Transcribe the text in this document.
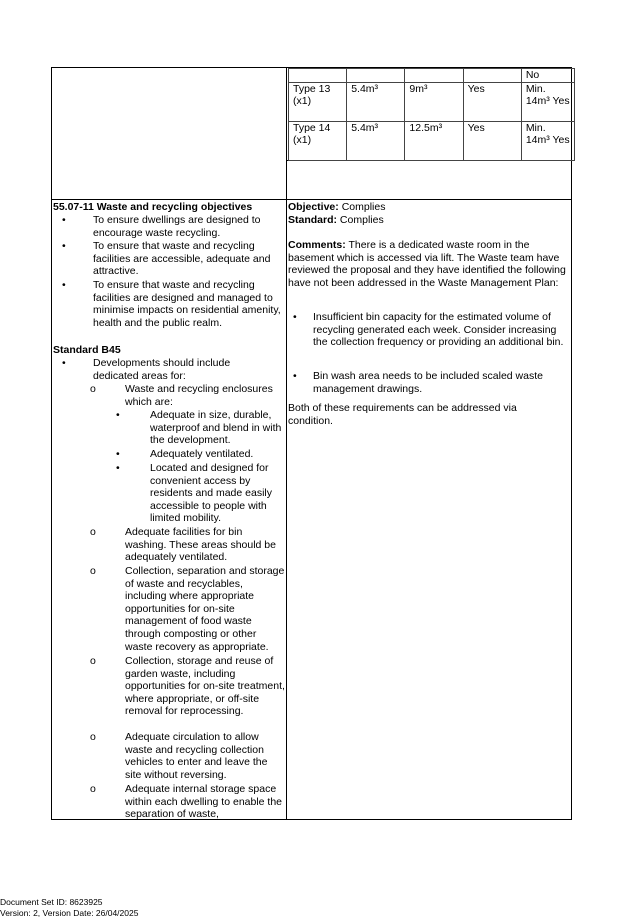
				No
Type 13 (x1)	5.4m³	9m³	Yes	Min. 14m³ Yes
Type 14 (x1)	5.4m³	12.5m³	Yes	Min. 14m³ Yes
55.07-11 Waste and recycling objectives
•	To ensure dwellings are designed to encourage waste recycling.
•	To ensure that waste and recycling facilities are accessible, adequate and attractive.
•	To ensure that waste and recycling facilities are designed and managed to minimise impacts on residential amenity, health and the public realm.
Standard B45
•	Developments should include dedicated areas for:
o	Waste and recycling enclosures which are:
•	Adequate in size, durable, waterproof and blend in with the development.
•	Adequately ventilated.
•	Located and designed for convenient access by residents and made easily accessible to people with limited mobility.
o	Adequate facilities for bin washing. These areas should be adequately ventilated.
o	Collection, separation and storage of waste and recyclables, including where appropriate opportunities for on-site management of food waste through composting or other waste recovery as appropriate.
o	Collection, storage and reuse of garden waste, including opportunities for on-site treatment, where appropriate, or off-site removal for reprocessing.
o	Adequate circulation to allow waste and recycling collection vehicles to enter and leave the site without reversing.
o	Adequate internal storage space within each dwelling to enable the separation of waste,
Objective: Complies
Standard: Complies
Comments: There is a dedicated waste room in the basement which is accessed via lift. The Waste team have reviewed the proposal and they have identified the following have not been addressed in the Waste Management Plan:
• Insufficient bin capacity for the estimated volume of recycling generated each week. Consider increasing the collection frequency or providing an additional bin.
• Bin wash area needs to be included scaled waste management drawings.
Both of these requirements can be addressed via condition.
Document Set ID: 8623925
Version: 2, Version Date: 26/04/2025
